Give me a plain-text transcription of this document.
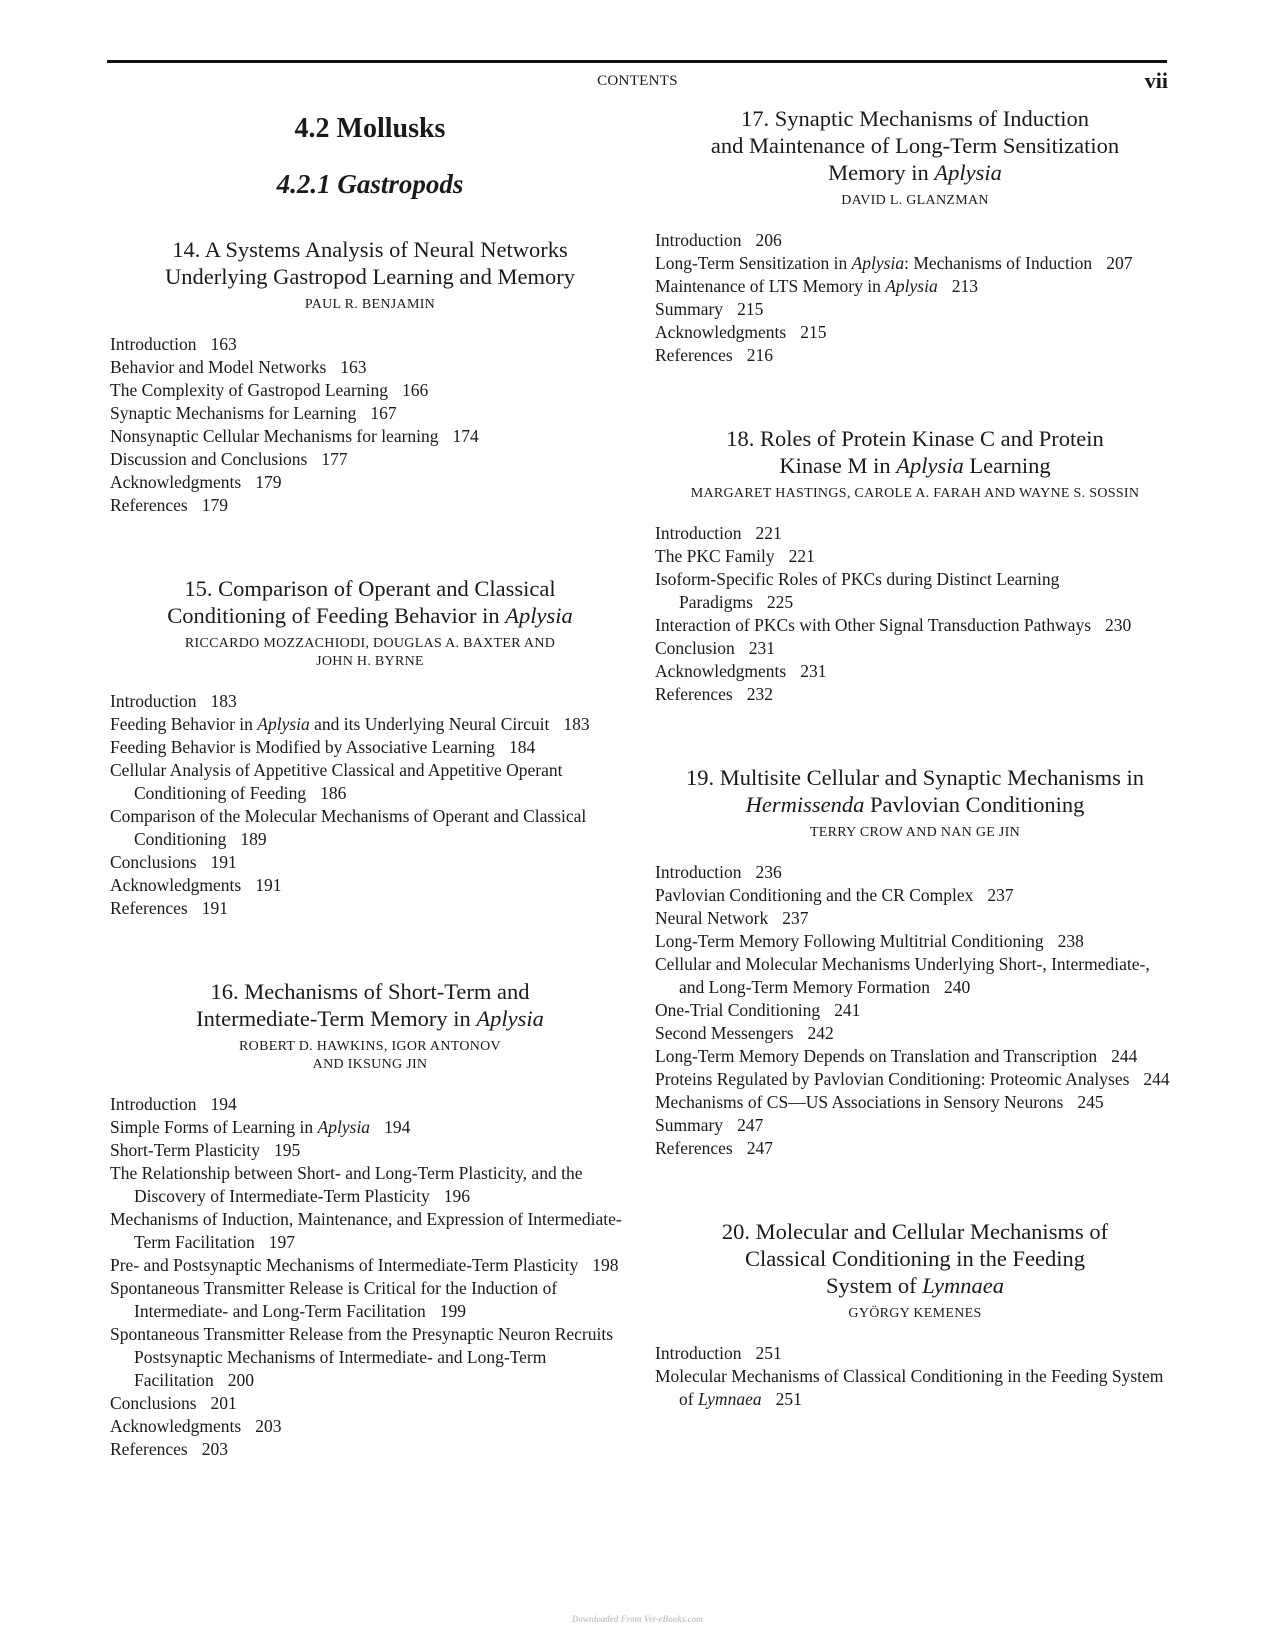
CONTENTS	vii
4.2 Mollusks
4.2.1 Gastropods
14. A Systems Analysis of Neural Networks
Underlying Gastropod Learning and Memory
PAUL R. BENJAMIN
Introduction 163
Behavior and Model Networks 163
The Complexity of Gastropod Learning 166
Synaptic Mechanisms for Learning 167
Nonsynaptic Cellular Mechanisms for learning 174
Discussion and Conclusions 177
Acknowledgments 179
References 179
15. Comparison of Operant and Classical
Conditioning of Feeding Behavior in Aplysia
RICCARDO MOZZACHIODI, DOUGLAS A. BAXTER AND
JOHN H. BYRNE
Introduction 183
Feeding Behavior in Aplysia and its Underlying Neural Circuit 183
Feeding Behavior is Modified by Associative Learning 184
Cellular Analysis of Appetitive Classical and Appetitive Operant Conditioning of Feeding 186
Comparison of the Molecular Mechanisms of Operant and Classical Conditioning 189
Conclusions 191
Acknowledgments 191
References 191
16. Mechanisms of Short-Term and
Intermediate-Term Memory in Aplysia
ROBERT D. HAWKINS, IGOR ANTONOV
AND IKSUNG JIN
Introduction 194
Simple Forms of Learning in Aplysia 194
Short-Term Plasticity 195
The Relationship between Short- and Long-Term Plasticity, and the Discovery of Intermediate-Term Plasticity 196
Mechanisms of Induction, Maintenance, and Expression of Intermediate-Term Facilitation 197
Pre- and Postsynaptic Mechanisms of Intermediate-Term Plasticity 198
Spontaneous Transmitter Release is Critical for the Induction of Intermediate- and Long-Term Facilitation 199
Spontaneous Transmitter Release from the Presynaptic Neuron Recruits Postsynaptic Mechanisms of Intermediate- and Long-Term Facilitation 200
Conclusions 201
Acknowledgments 203
References 203
17. Synaptic Mechanisms of Induction
and Maintenance of Long-Term Sensitization
Memory in Aplysia
DAVID L. GLANZMAN
Introduction 206
Long-Term Sensitization in Aplysia: Mechanisms of Induction 207
Maintenance of LTS Memory in Aplysia 213
Summary 215
Acknowledgments 215
References 216
18. Roles of Protein Kinase C and Protein
Kinase M in Aplysia Learning
MARGARET HASTINGS, CAROLE A. FARAH AND WAYNE S. SOSSIN
Introduction 221
The PKC Family 221
Isoform-Specific Roles of PKCs during Distinct Learning Paradigms 225
Interaction of PKCs with Other Signal Transduction Pathways 230
Conclusion 231
Acknowledgments 231
References 232
19. Multisite Cellular and Synaptic Mechanisms in
Hermissenda Pavlovian Conditioning
TERRY CROW AND NAN GE JIN
Introduction 236
Pavlovian Conditioning and the CR Complex 237
Neural Network 237
Long-Term Memory Following Multitrial Conditioning 238
Cellular and Molecular Mechanisms Underlying Short-, Intermediate-, and Long-Term Memory Formation 240
One-Trial Conditioning 241
Second Messengers 242
Long-Term Memory Depends on Translation and Transcription 244
Proteins Regulated by Pavlovian Conditioning: Proteomic Analyses 244
Mechanisms of CS—US Associations in Sensory Neurons 245
Summary 247
References 247
20. Molecular and Cellular Mechanisms of
Classical Conditioning in the Feeding
System of Lymnaea
GYÖRGY KEMENES
Introduction 251
Molecular Mechanisms of Classical Conditioning in the Feeding System of Lymnaea 251
Downloaded From Vet-eBooks.com
